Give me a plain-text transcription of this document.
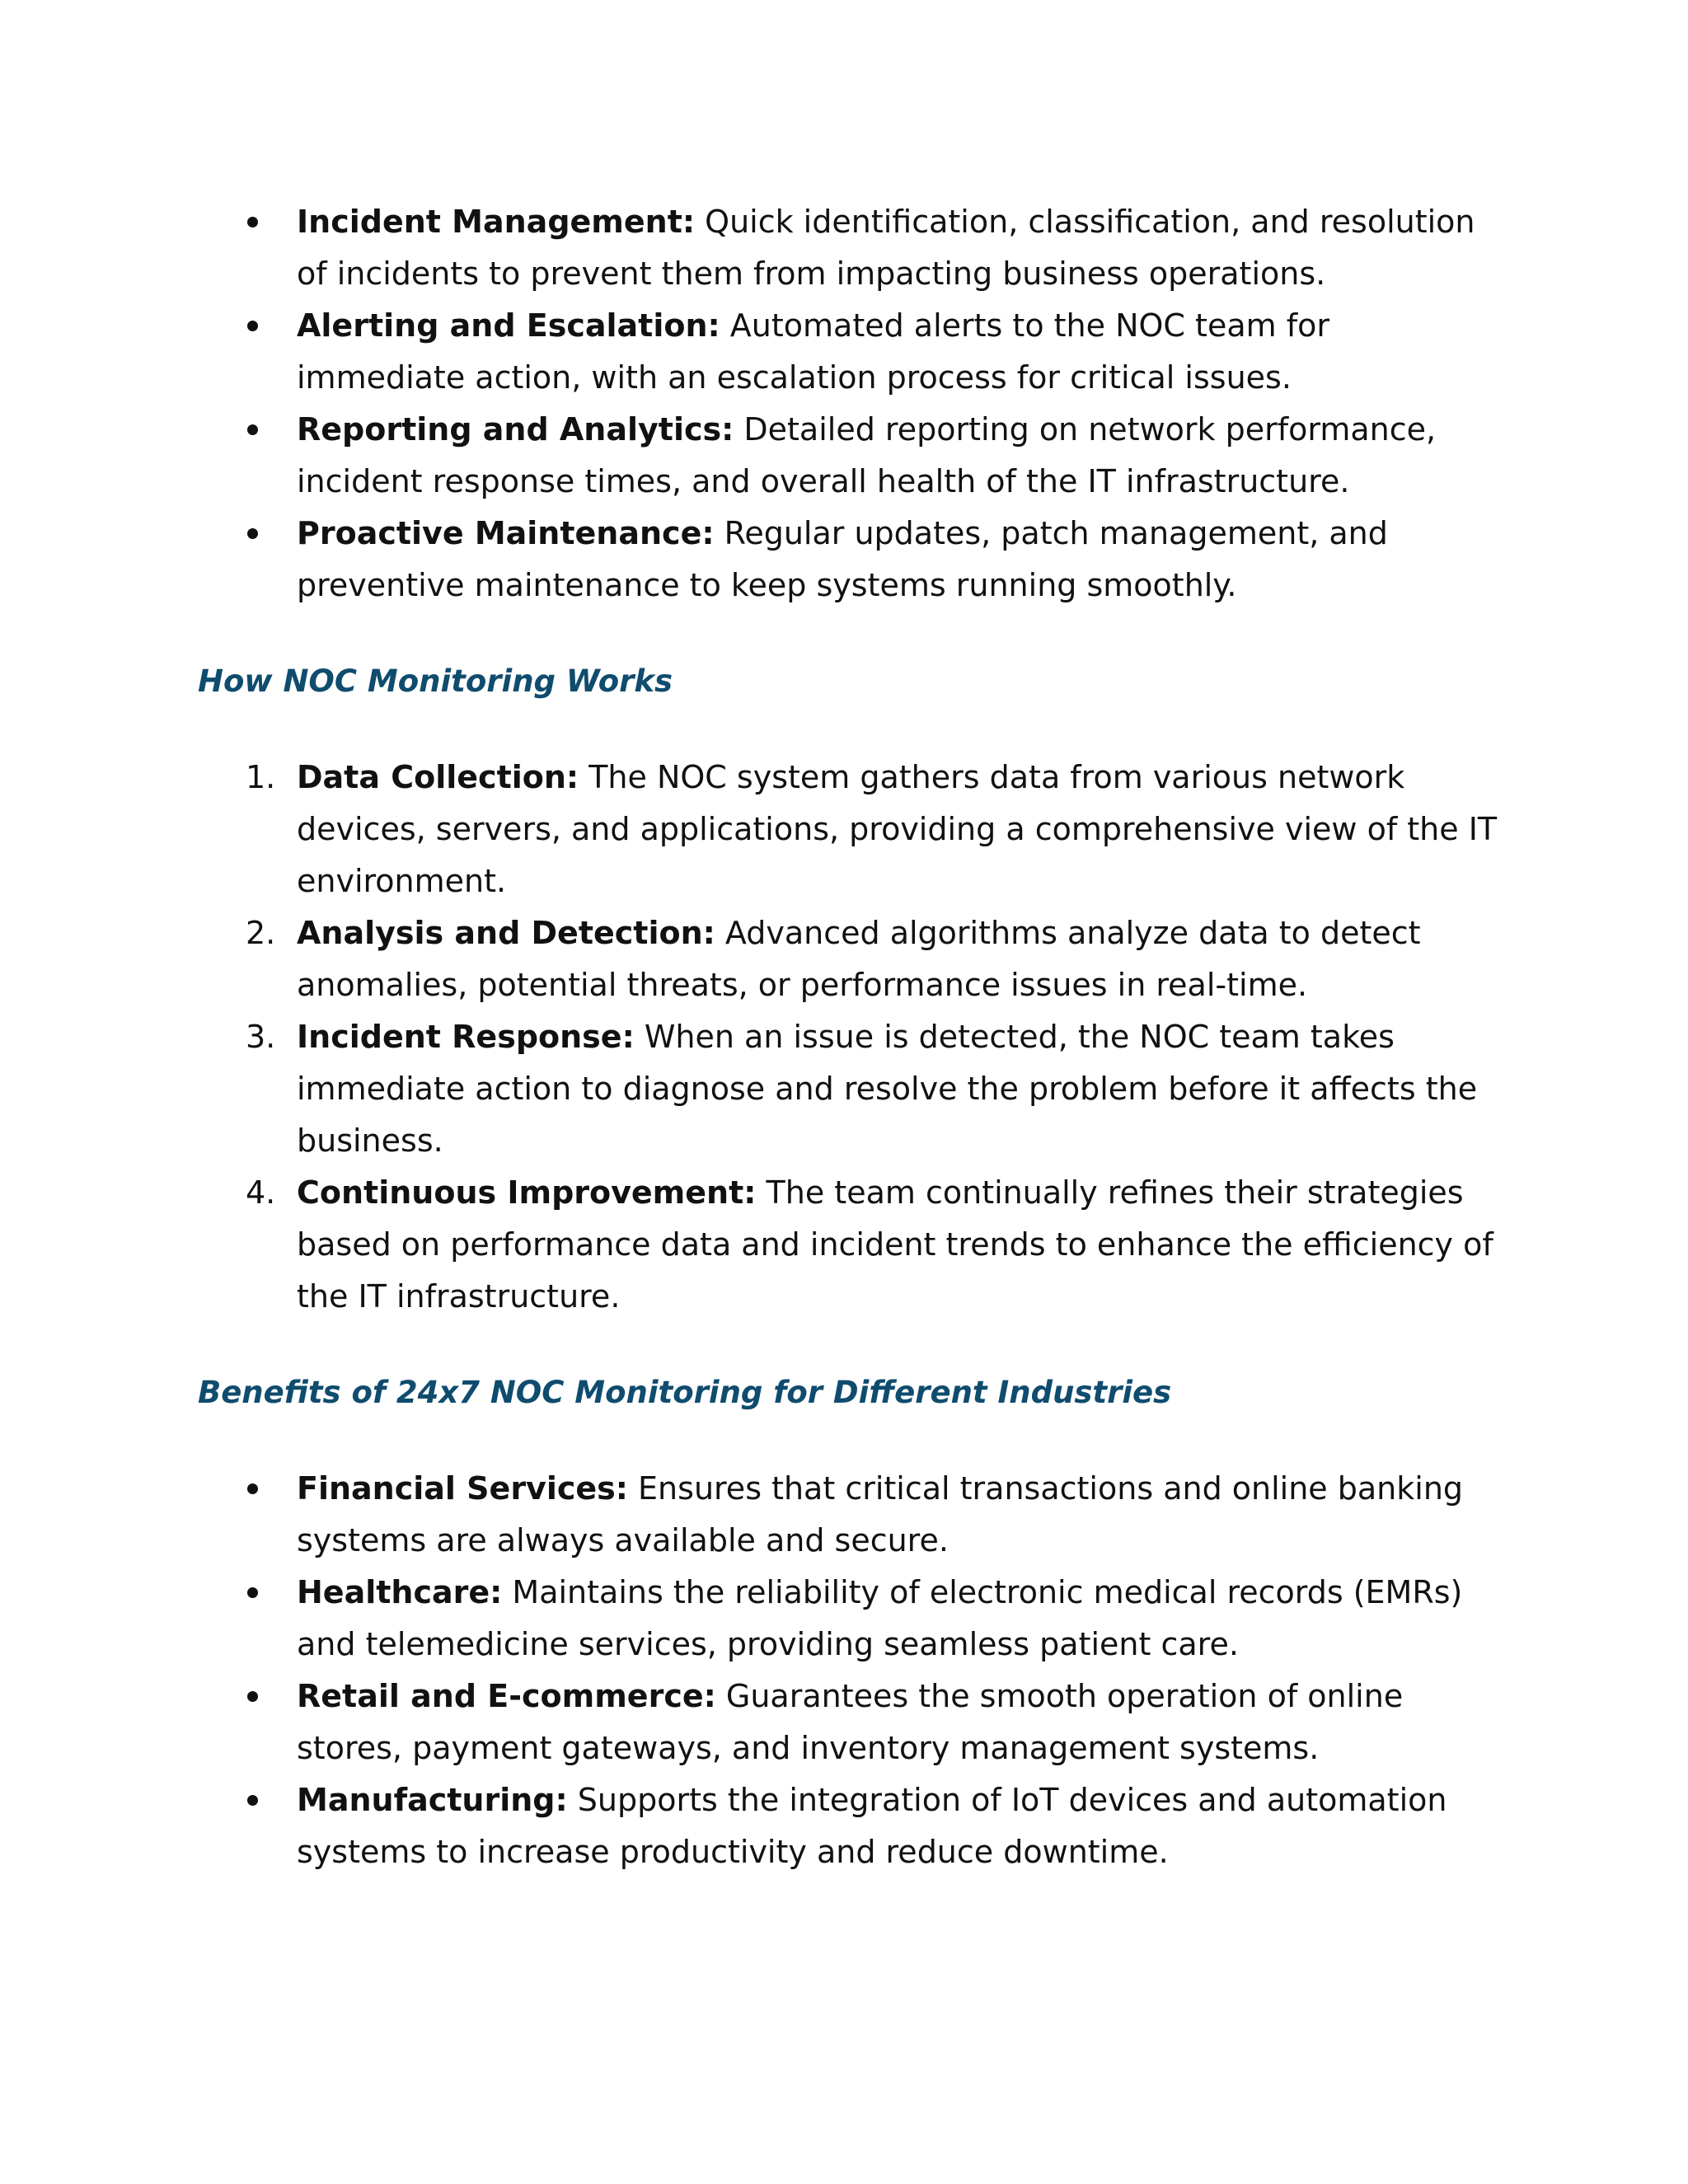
Incident Management: Quick identification, classification, and resolution of incidents to prevent them from impacting business operations.
Alerting and Escalation: Automated alerts to the NOC team for immediate action, with an escalation process for critical issues.
Reporting and Analytics: Detailed reporting on network performance, incident response times, and overall health of the IT infrastructure.
Proactive Maintenance: Regular updates, patch management, and preventive maintenance to keep systems running smoothly.
How NOC Monitoring Works
1. Data Collection: The NOC system gathers data from various network devices, servers, and applications, providing a comprehensive view of the IT environment.
2. Analysis and Detection: Advanced algorithms analyze data to detect anomalies, potential threats, or performance issues in real-time.
3. Incident Response: When an issue is detected, the NOC team takes immediate action to diagnose and resolve the problem before it affects the business.
4. Continuous Improvement: The team continually refines their strategies based on performance data and incident trends to enhance the efficiency of the IT infrastructure.
Benefits of 24x7 NOC Monitoring for Different Industries
Financial Services: Ensures that critical transactions and online banking systems are always available and secure.
Healthcare: Maintains the reliability of electronic medical records (EMRs) and telemedicine services, providing seamless patient care.
Retail and E-commerce: Guarantees the smooth operation of online stores, payment gateways, and inventory management systems.
Manufacturing: Supports the integration of IoT devices and automation systems to increase productivity and reduce downtime.
